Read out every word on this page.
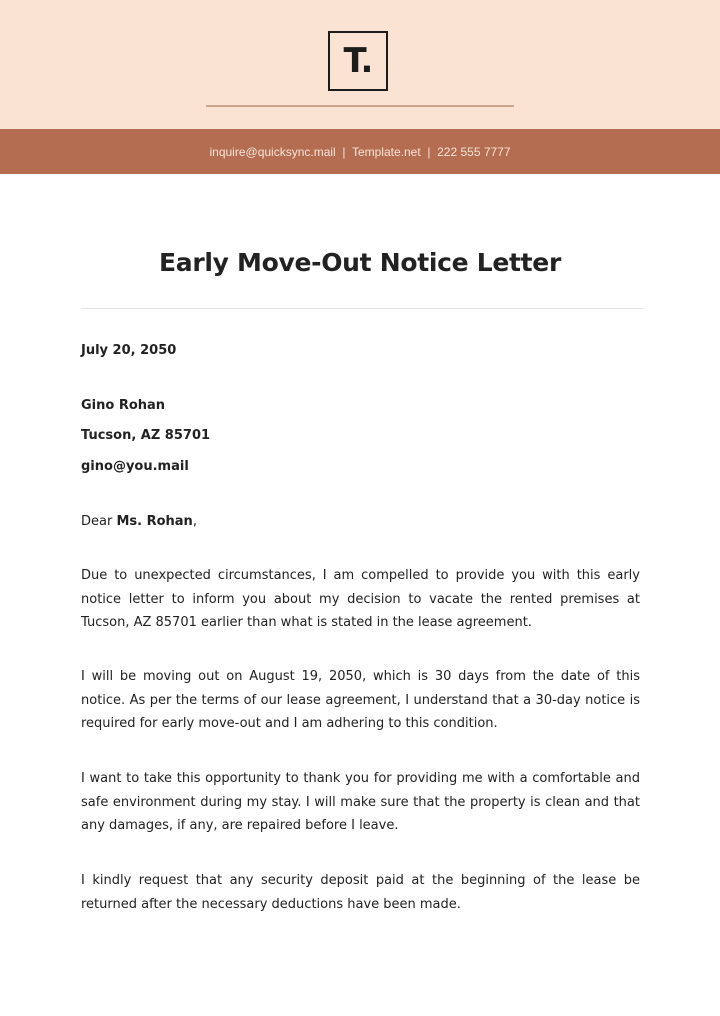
T.
inquire@quicksync.mail  |  Template.net  |  222 555 7777
Early Move-Out Notice Letter
July 20, 2050
Gino Rohan
Tucson, AZ 85701
gino@you.mail
Dear Ms. Rohan,
Due to unexpected circumstances, I am compelled to provide you with this early notice letter to inform you about my decision to vacate the rented premises at Tucson, AZ 85701 earlier than what is stated in the lease agreement.
I will be moving out on August 19, 2050, which is 30 days from the date of this notice. As per the terms of our lease agreement, I understand that a 30-day notice is required for early move-out and I am adhering to this condition.
I want to take this opportunity to thank you for providing me with a comfortable and safe environment during my stay. I will make sure that the property is clean and that any damages, if any, are repaired before I leave.
I kindly request that any security deposit paid at the beginning of the lease be returned after the necessary deductions have been made.
